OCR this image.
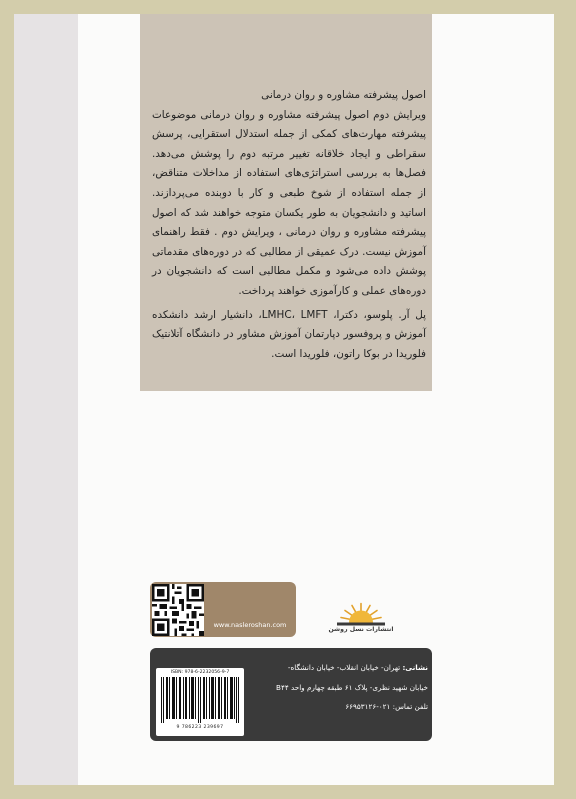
اصول پیشرفته مشاوره و روان درمانی

ویرایش دوم اصول پیشرفته مشاوره و روان درمانی موضوعات پیشرفته مهارت‌های کمکی از جمله استدلال استقرایی، پرسش سقراطی و ایجاد خلاقانه تغییر مرتبه دوم را پوشش می‌دهد. فصل‌ها به بررسی استراتژی‌های استفاده از مداخلات متناقض، از جمله استفاده از شوخ طبعی و کار با دوبنده می‌پردازند. اساتید و دانشجویان به طور یکسان متوجه خواهند شد که اصول پیشرفته مشاوره و روان درمانی ، ویرایش دوم . فقط راهنمای آموزش نیست. درک عمیقی از مطالبی که در دوره‌های مقدماتی پوشش داده می‌شود و مکمل مطالبی است که دانشجویان در دوره‌های عملی و کارآموزی خواهند پرداخت.

پل آر. پلوسو، دکترا، LMHC، LMFT، دانشیار ارشد دانشکده آموزش و پروفسور دپارتمان آموزش مشاور در دانشگاه آتلانتیک فلوریدا در بوکا راتون، فلوریدا است.

www.nasleroshan.com
انتشارات نسل روشن
ISBN: 978-6-2232056-9-7
9 786223 239697
نشانی: تهران- خیابان انقلاب- خیابان دانشگاه-
خیابان شهید نظری- پلاک ۶۱ طبقه چهارم واحد B۴۴
تلفن تماس: ۰۲۱-۶۶۹۵۳۱۲۶
